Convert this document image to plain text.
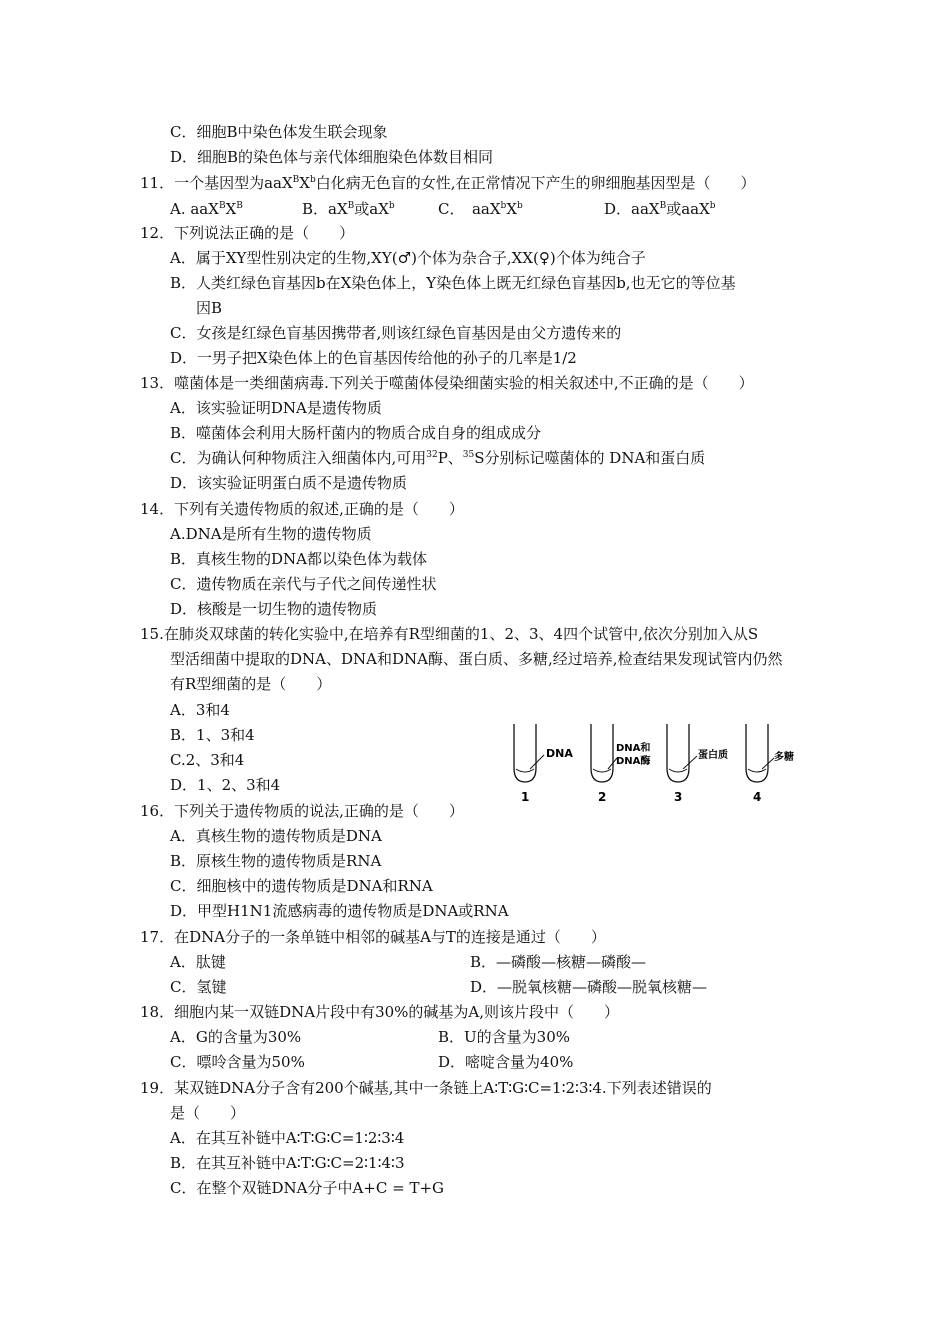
C．细胞B中染色体发生联会现象
D．细胞B的染色体与亲代体细胞染色体数目相同
11．一个基因型为$aaX^BX^b$白化病无色盲的女性,在正常情况下产生的卵细胞基因型是（　　）
A. $aaX^BX^B$	B．$aX^B$或$aX^b$	C．　$aaX^bX^b$	D．aaX$^B$或aaX$^b$
12．下列说法正确的是（　　）
A．属于XY型性别决定的生物,XY(♂)个体为杂合子,XX(♀)个体为纯合子
B．人类红绿色盲基因b在X染色体上，Y染色体上既无红绿色盲基因b,也无它的等位基
因B
C．女孩是红绿色盲基因携带者,则该红绿色盲基因是由父方遗传来的
D．一男子把X染色体上的色盲基因传给他的孙子的几率是1/2
13．噬菌体是一类细菌病毒.下列关于噬菌体侵染细菌实验的相关叙述中,不正确的是（　　）
A．该实验证明DNA是遗传物质
B．噬菌体会利用大肠杆菌内的物质合成自身的组成成分
C．为确认何种物质注入细菌体内,可用$^{32}$P、$^{35}$S分别标记噬菌体的 DNA和蛋白质
D．该实验证明蛋白质不是遗传物质
14．下列有关遗传物质的叙述,正确的是（　　）
A.DNA是所有生物的遗传物质
B．真核生物的DNA都以染色体为载体
C．遗传物质在亲代与子代之间传递性状
D．核酸是一切生物的遗传物质
15.在肺炎双球菌的转化实验中,在培养有R型细菌的1、2、3、4四个试管中,依次分别加入从S
型活细菌中提取的DNA、DNA和DNA酶、蛋白质、多糖,经过培养,检查结果发现试管内仍然
有R型细菌的是（　　）
A．3和4
B．1、3和4
C.2、3和4
D．1、2、3和4
DNA
1
DNA和
DNA酶
2
蛋白质
3
多糖
4
16．下列关于遗传物质的说法,正确的是（　　）
A．真核生物的遗传物质是DNA
B．原核生物的遗传物质是RNA
C．细胞核中的遗传物质是DNA和RNA
D．甲型H1N1流感病毒的遗传物质是DNA或RNA
17．在DNA分子的一条单链中相邻的碱基A与T的连接是通过（　　）
A．肽键	B．—磷酸—核糖—磷酸—
C．氢键	D．—脱氧核糖—磷酸—脱氧核糖—
18．细胞内某一双链DNA片段中有30%的碱基为A,则该片段中（　　）
A．G的含量为30%	B．U的含量为30%
C．嘌呤含量为50%	D．嘧啶含量为40%
19．某双链DNA分子含有200个碱基,其中一条链上A∶T∶G∶C=1∶2∶3∶4.下列表述错误的
是（　　）
A．在其互补链中A∶T∶G∶C=1∶2∶3∶4
B．在其互补链中A∶T∶G∶C=2∶1∶4∶3
C．在整个双链DNA分子中A+C = T+G
